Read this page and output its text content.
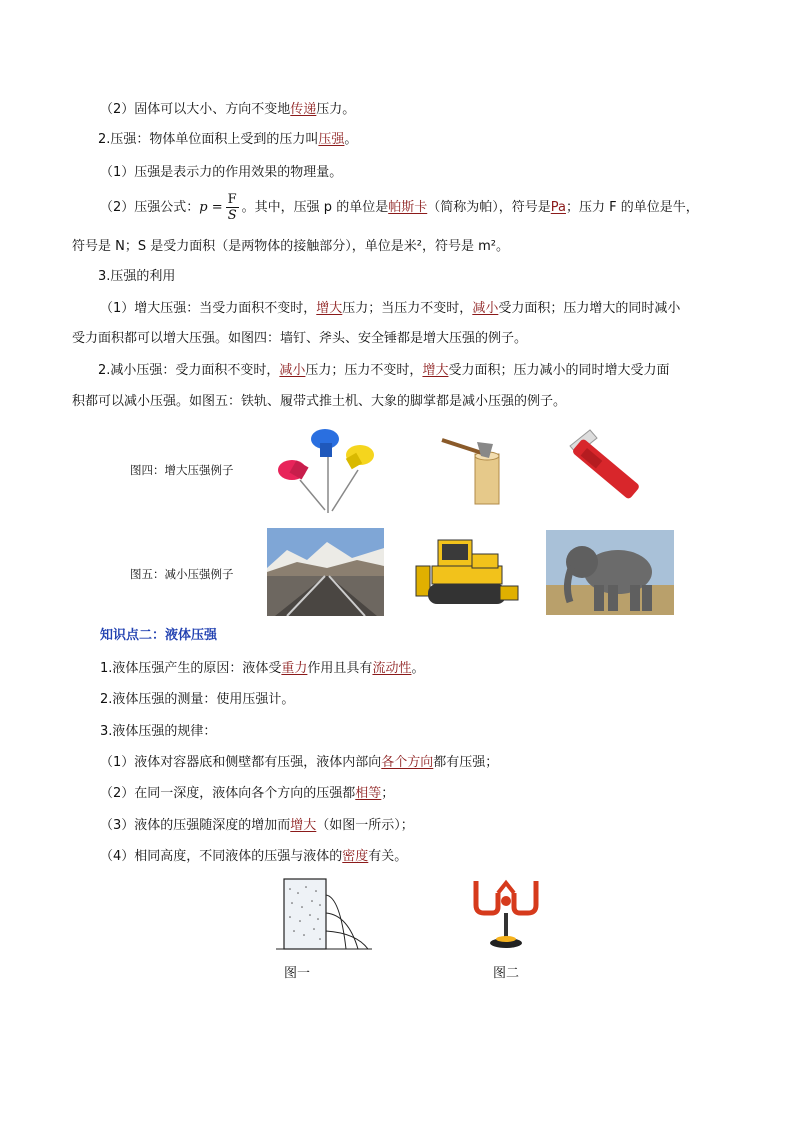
（2）固体可以大小、方向不变地传递压力。
2.压强：物体单位面积上受到的压力叫压强。
（1）压强是表示力的作用效果的物理量。
（2）压强公式：$p = \frac{F}{S}$ 。其中，压强 p 的单位是帕斯卡（简称为帕），符号是Pa；压力 F 的单位是牛，
符号是 N；S 是受力面积（是两物体的接触部分），单位是米²，符号是 m²。
3.压强的利用
（1）增大压强：当受力面积不变时，增大压力；当压力不变时，减小受力面积；压力增大的同时减小
受力面积都可以增大压强。如图四：墙钉、斧头、安全锤都是增大压强的例子。
2.减小压强：受力面积不变时，减小压力；压力不变时，增大受力面积；压力减小的同时增大受力面
积都可以减小压强。如图五：铁轨、履带式推土机、大象的脚掌都是减小压强的例子。
图四：增大压强例子
图五：减小压强例子
知识点二：液体压强
1.液体压强产生的原因：液体受重力作用且具有流动性。
2.液体压强的测量：使用压强计。
3.液体压强的规律：
（1）液体对容器底和侧壁都有压强，液体内部向各个方向都有压强；
（2）在同一深度，液体向各个方向的压强都相等；
（3）液体的压强随深度的增加而增大（如图一所示）；
（4）相同高度，不同液体的压强与液体的密度有关。
图一	图二
